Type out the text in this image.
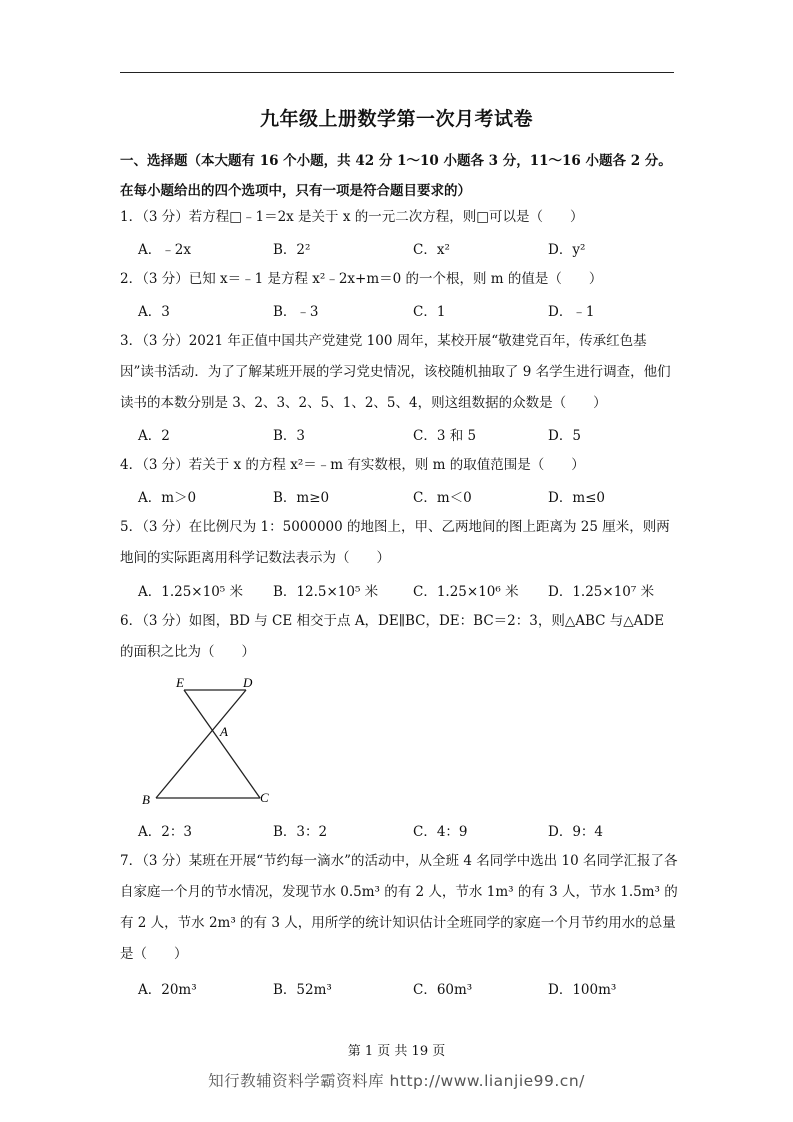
九年级上册数学第一次月考试卷
一、选择题（本大题有 16 个小题，共 42 分 1～10 小题各 3 分，11～16 小题各 2 分。在每小题给出的四个选项中，只有一项是符合题目要求的）
1．（3 分）若方程□﹣1＝2x 是关于 x 的一元二次方程，则□可以是（　　）
A．﹣2x	B．2²	C．x²	D．y²
2．（3 分）已知 x＝﹣1 是方程 x²﹣2x+m＝0 的一个根，则 m 的值是（　　）
A．3	B．﹣3	C．1	D．﹣1
3．（3 分）2021 年正值中国共产党建党 100 周年，某校开展“敬建党百年，传承红色基因”读书活动．为了了解某班开展的学习党史情况，该校随机抽取了 9 名学生进行调查，他们读书的本数分别是 3、2、3、2、5、1、2、5、4，则这组数据的众数是（　　）
A．2	B．3	C．3 和 5	D．5
4．（3 分）若关于 x 的方程 x²＝﹣m 有实数根，则 m 的取值范围是（　　）
A．m＞0	B．m≥0	C．m＜0	D．m≤0
5．（3 分）在比例尺为 1：5000000 的地图上，甲、乙两地间的图上距离为 25 厘米，则两地间的实际距离用科学记数法表示为（　　）
A．1.25×10⁵ 米 B．12.5×10⁵ 米	C．1.25×10⁶ 米 D．1.25×10⁷ 米
6．（3 分）如图，BD 与 CE 相交于点 A，DE∥BC，DE：BC＝2：3，则△ABC 与△ADE 的面积之比为（　　）
E	D
A
B	C
A．2：3	B．3：2	C．4：9	D．9：4
7．（3 分）某班在开展“节约每一滴水”的活动中，从全班 4 名同学中选出 10 名同学汇报了各自家庭一个月的节水情况，发现节水 0.5m³ 的有 2 人，节水 1m³ 的有 3 人，节水 1.5m³ 的有 2 人，节水 2m³ 的有 3 人，用所学的统计知识估计全班同学的家庭一个月节约用水的总量是（　　）
A．20m³	B．52m³	C．60m³	D．100m³
第 1 页 共 19 页
知行教辅资料学霸资料库 http://www.lianjie99.cn/
